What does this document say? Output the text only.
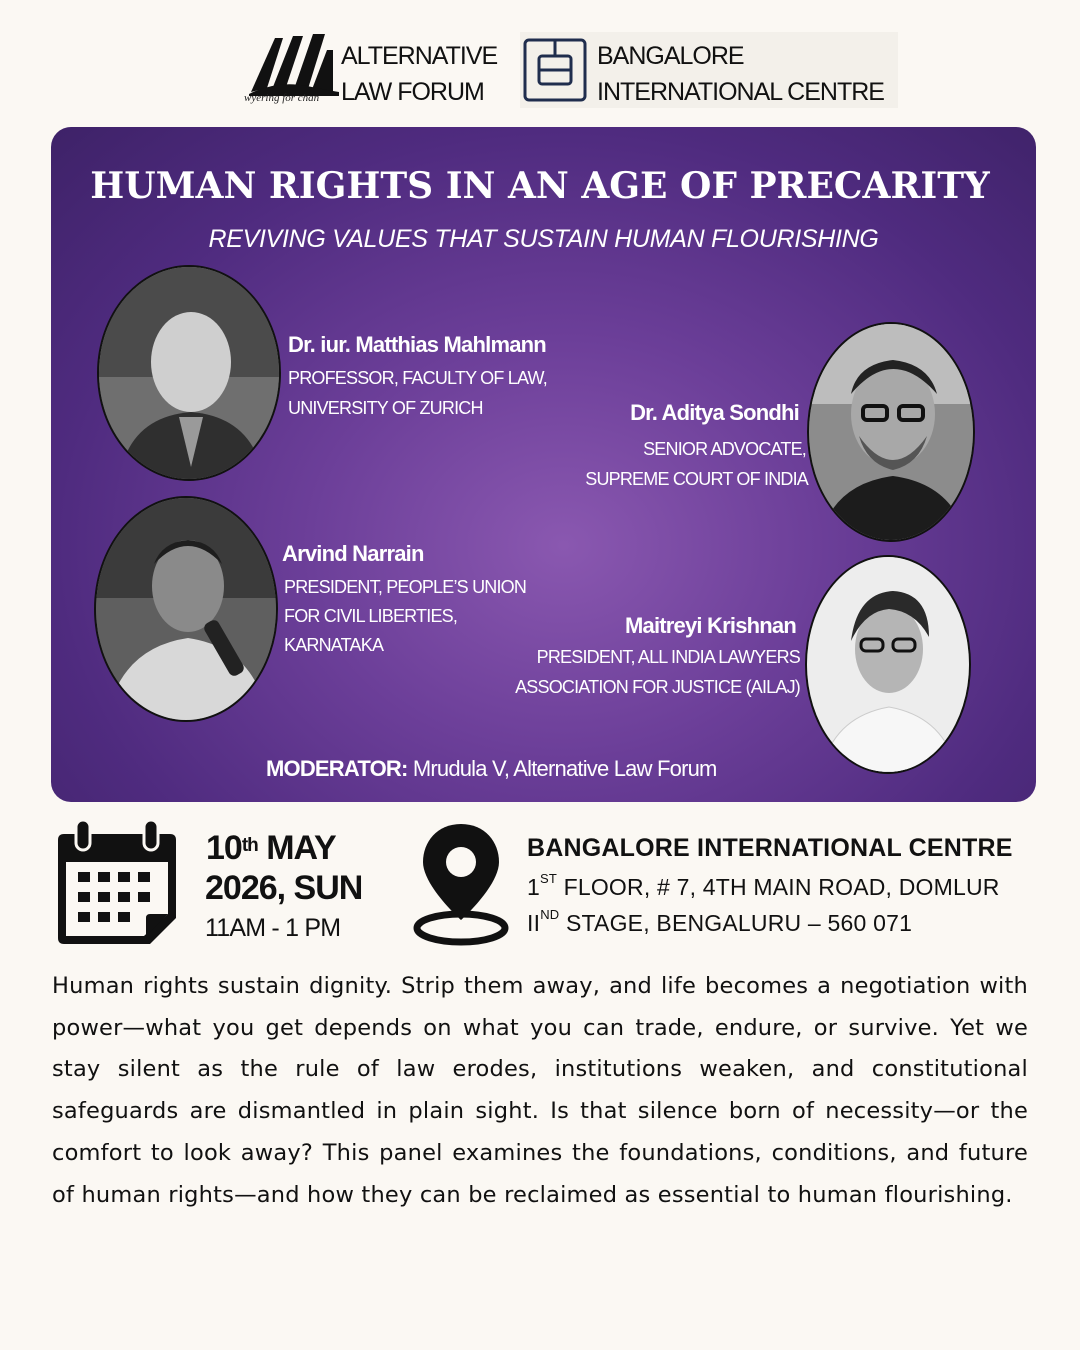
wyering for chan
ALTERNATIVE
LAW FORUM
BANGALORE
INTERNATIONAL CENTRE
HUMAN RIGHTS IN AN AGE OF PRECARITY
REVIVING VALUES THAT SUSTAIN HUMAN FLOURISHING
Dr. iur. Matthias Mahlmann
PROFESSOR, FACULTY OF LAW,
UNIVERSITY OF ZURICH	Dr. Aditya Sondhi
SENIOR ADVOCATE,
SUPREME COURT OF INDIA
Arvind Narrain
PRESIDENT, PEOPLE’S UNION
FOR CIVIL LIBERTIES,
KARNATAKA
Maitreyi Krishnan
PRESIDENT, ALL INDIA LAWYERS
ASSOCIATION FOR JUSTICE (AILAJ)
MODERATOR: Mrudula V, Alternative Law Forum
10th MAY
2026, SUN
11AM - 1 PM
BANGALORE INTERNATIONAL CENTRE
1ST FLOOR, # 7, 4TH MAIN ROAD, DOMLUR
IIND STAGE, BENGALURU – 560 071
Human rights sustain dignity. Strip them away, and life becomes a negotiation with power—what you get depends on what you can trade, endure, or survive. Yet we stay silent as the rule of law erodes, institutions weaken, and constitutional safeguards are dismantled in plain sight. Is that silence born of necessity—or the comfort to look away? This panel examines the foundations, conditions, and future of human rights—and how they can be reclaimed as essential to human flourishing.
